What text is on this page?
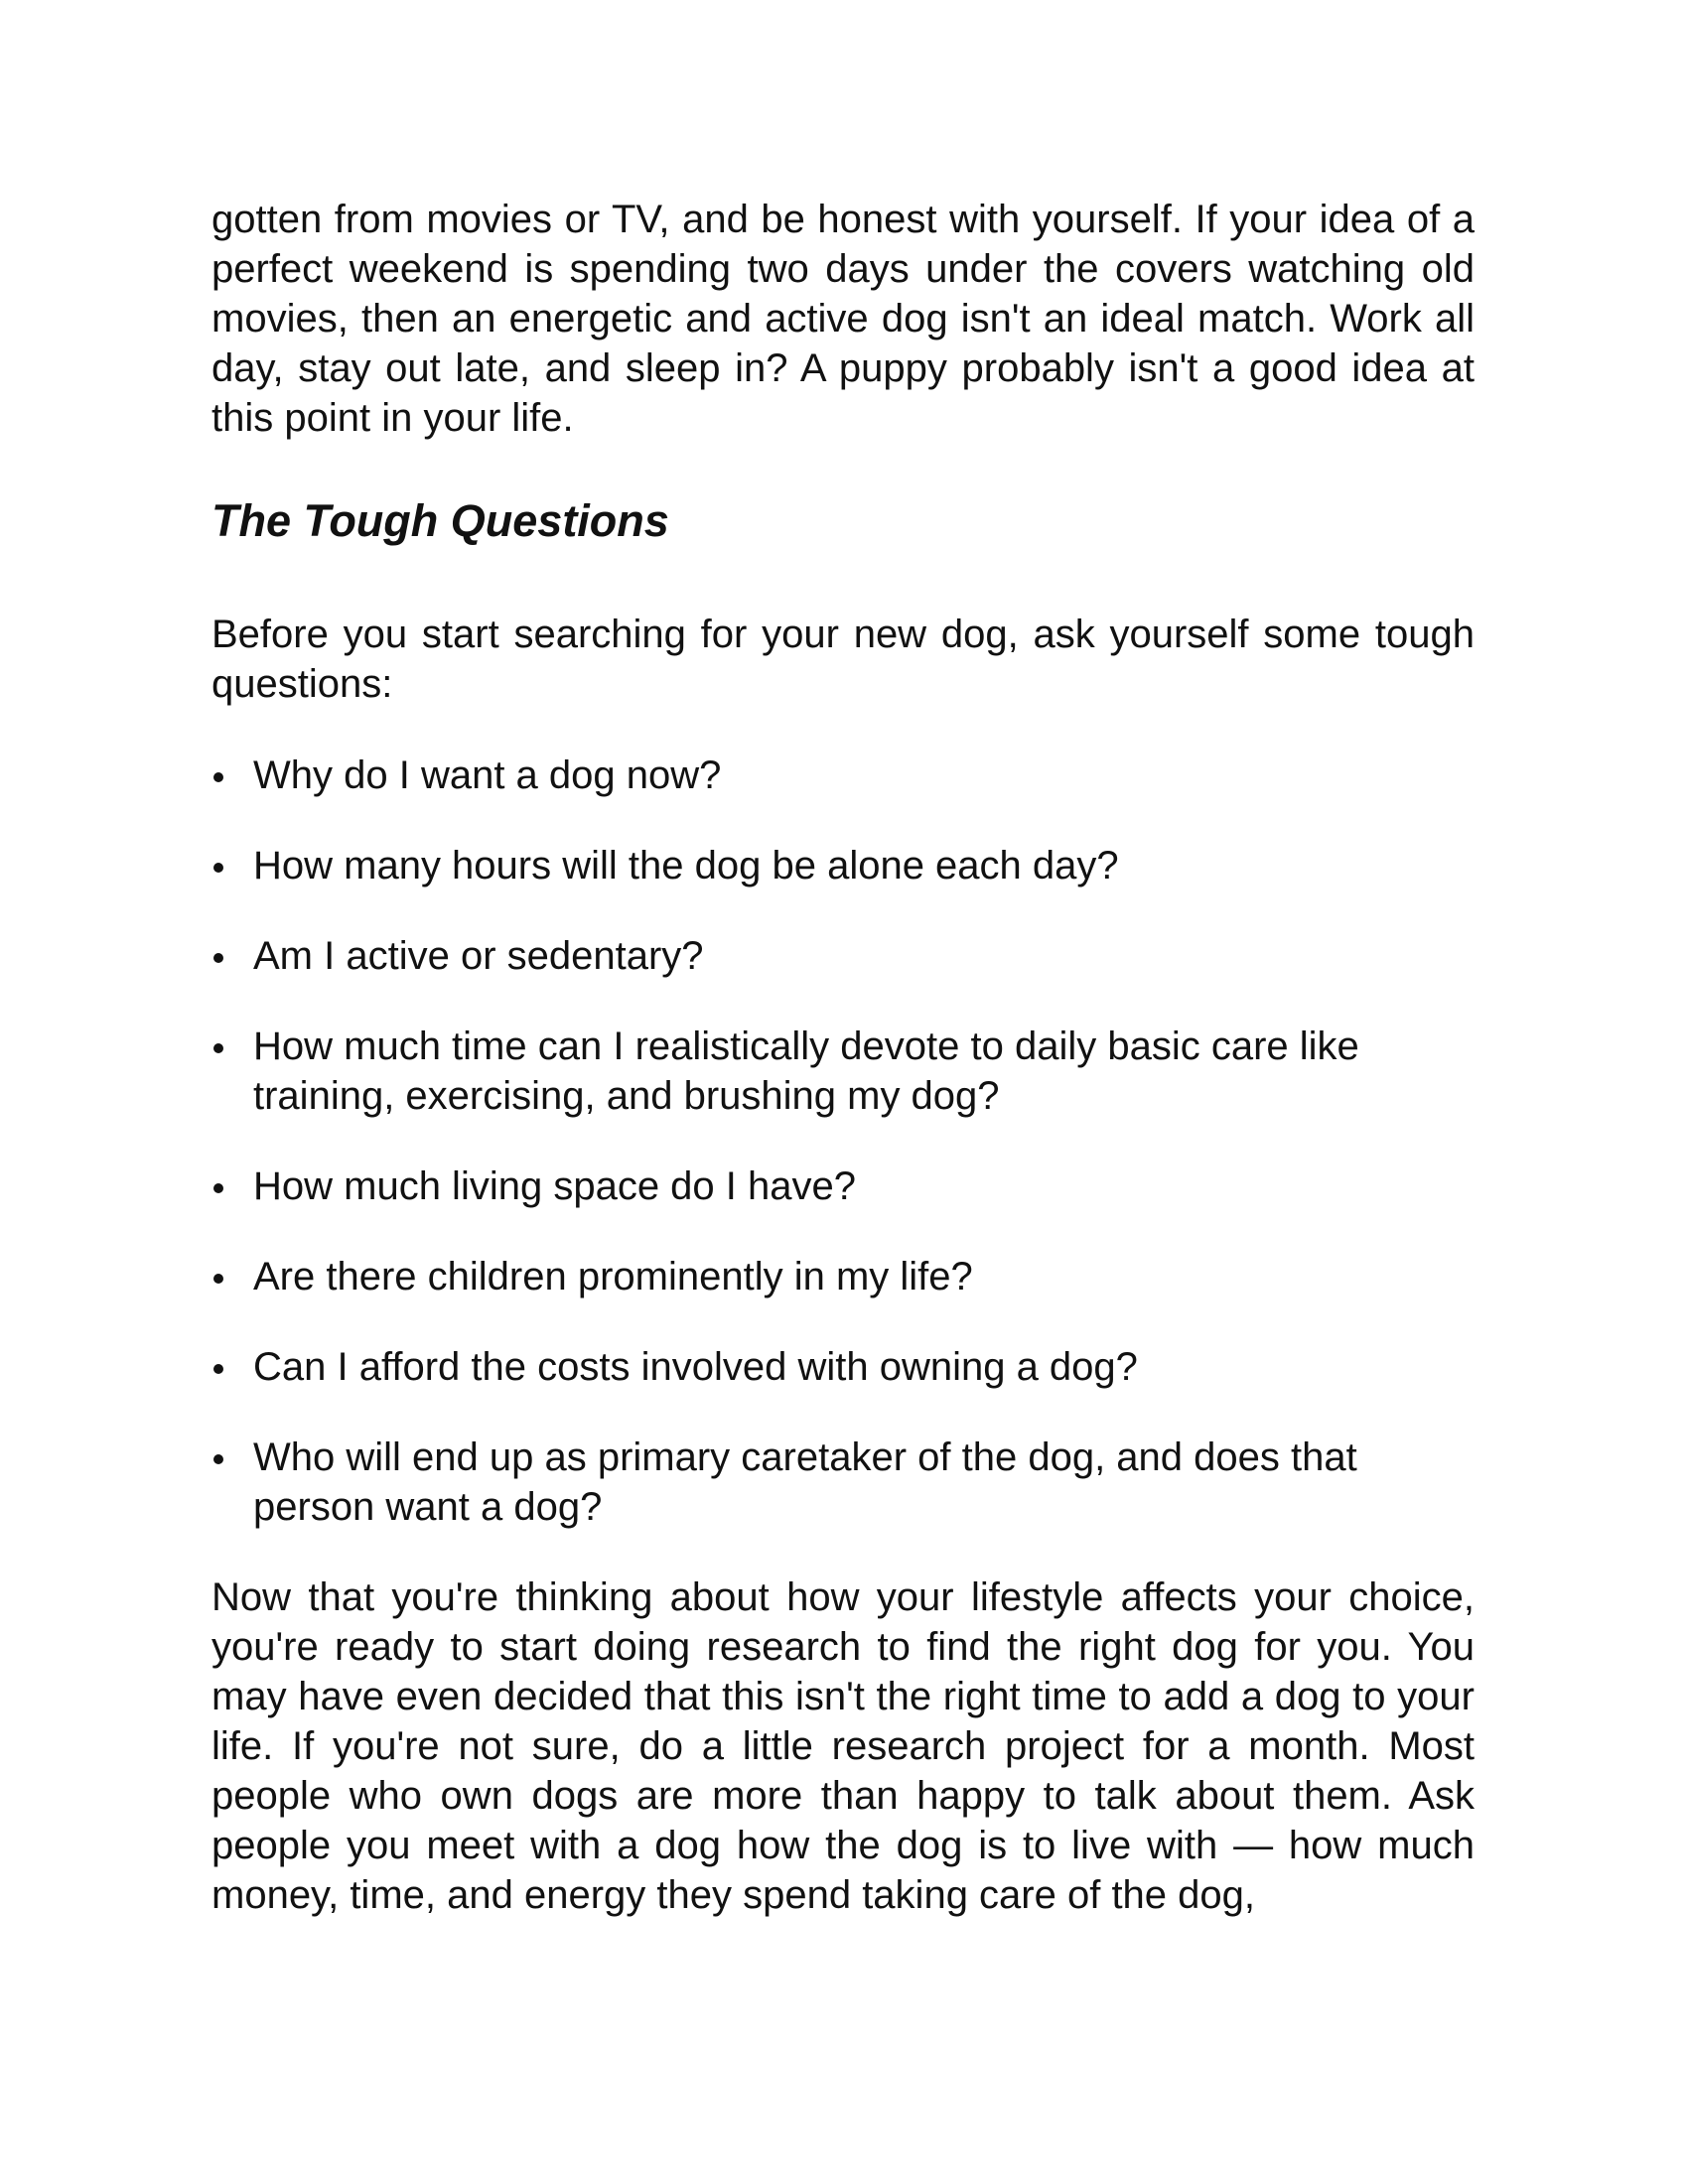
gotten from movies or TV, and be honest with yourself. If your idea of a perfect weekend is spending two days under the covers watching old movies, then an energetic and active dog isn't an ideal match. Work all day, stay out late, and sleep in? A puppy probably isn't a good idea at this point in your life.

The Tough Questions

Before you start searching for your new dog, ask yourself some tough questions:

Why do I want a dog now?
How many hours will the dog be alone each day?
Am I active or sedentary?
How much time can I realistically devote to daily basic care like training, exercising, and brushing my dog?
How much living space do I have?
Are there children prominently in my life?
Can I afford the costs involved with owning a dog?
Who will end up as primary caretaker of the dog, and does that person want a dog?

Now that you're thinking about how your lifestyle affects your choice, you're ready to start doing research to find the right dog for you. You may have even decided that this isn't the right time to add a dog to your life. If you're not sure, do a little research project for a month. Most people who own dogs are more than happy to talk about them. Ask people you meet with a dog how the dog is to live with — how much money, time, and energy they spend taking care of the dog,
